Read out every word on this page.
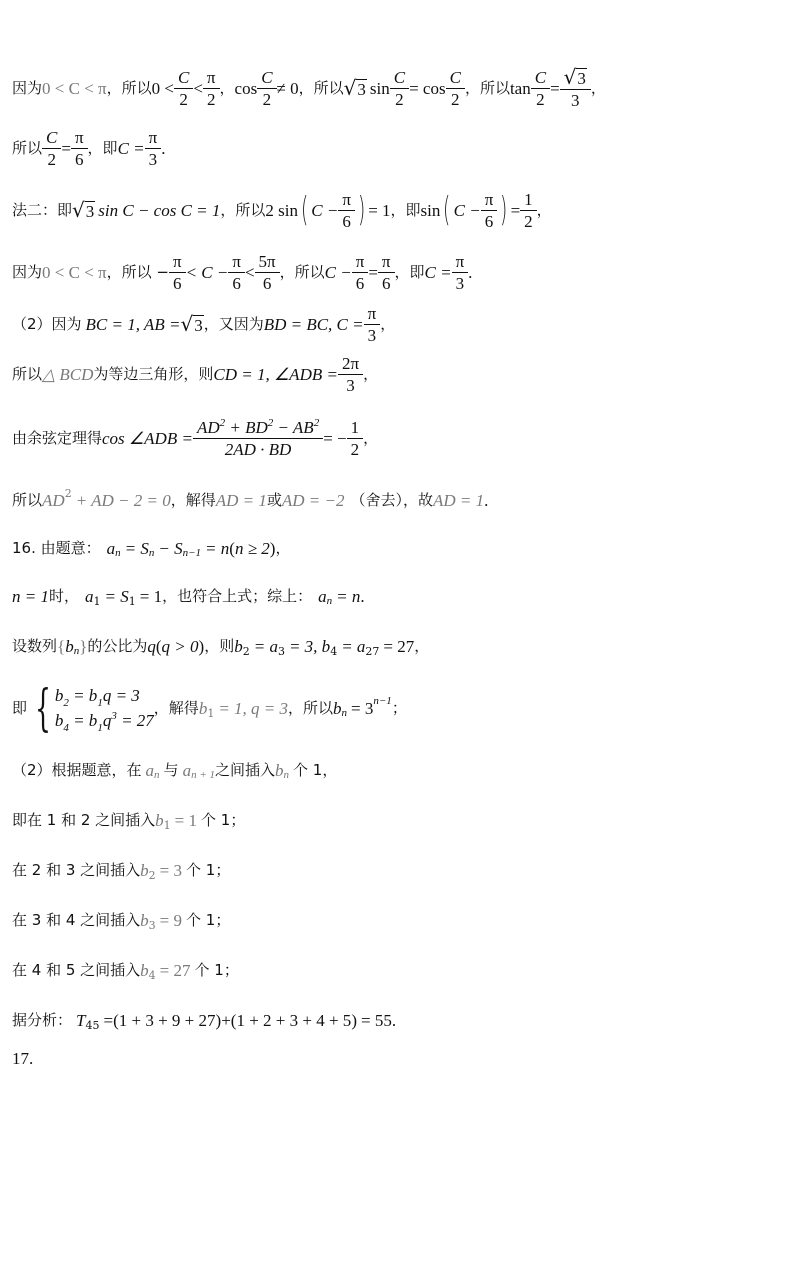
因为 0 < C < π ，所以 $0 < \frac{C}{2} < \frac{\pi}{2}$ ， $\cos \frac{C}{2} \ne 0$ ，所以 √ 3 $\sin \frac{C}{2} = \cos \frac{C}{2}$ ，所以 $\tan \frac{C}{2} = \frac{√ 3}{3}$ ，
所以 $\frac{C}{2} = \frac{\pi}{6}$ ，即 $C = \frac{\pi}{3}$ .
法二：即 √ 3 sin C − cos C = 1 ，所以 2 sin ( $C - \frac{\pi}{6}$ ) = 1 ，即 sin ( $C - \frac{\pi}{6}$ ) = $\frac{1}{2}$ ，
因为 0 < C < π ，所以 − $\frac{\pi}{6} < C - \frac{\pi}{6} < \frac{5\pi}{6}$ ，所以 $C - \frac{\pi}{6} = \frac{\pi}{6}$ ，即 $C = \frac{\pi}{3}$ .
（2）因为 BC = 1, AB = √ 3 ，又因为 BD = BC, $C = \frac{\pi}{3}$ ，
所以 △ BCD 为等边三角形，则 CD = 1, ∠ADB = $\frac{2\pi}{3}$ ，
由余弦定理得 cos ∠ADB = $\frac{AD^2 + BD^2 - AB^2}{2AD \cdot BD}$ = − $\frac{1}{2}$ ，
所以 AD 2 + AD − 2 = 0 ，解得 AD = 1 或 AD = −2 （舍去），故 AD = 1 .
16. 由题意： a n = S n − S n−1 = n ( n ≥ 2 ) ，
n = 1 时， a 1 = S 1 = 1 ，也符合上式；综上： a n = n .
设数列 { b n } 的公比为 q ( q > 0 ) ，则 b 2 = a 3 = 3, b 4 = a 27 = 27 ，
即 { $b_2 = b_1q = 3$
$b_4 = b_1q^3 = 27$
，解得 b 1 = 1, q = 3 ，所以 b n = 3 n−1 ；
（2）根据题意，在 a n 与 a n + 1 之间插入 b n 个 1，
即在 1 和 2 之间插入 b 1 = 1 个 1；
在 2 和 3 之间插入 b 2 = 3 个 1；
在 3 和 4 之间插入 b 3 = 9 个 1；
在 4 和 5 之间插入 b 4 = 27 个 1；
据分析： T 45 = ( 1 + 3 + 9 + 27 ) + ( 1 + 2 + 3 + 4 + 5 ) = 55 .
17.
